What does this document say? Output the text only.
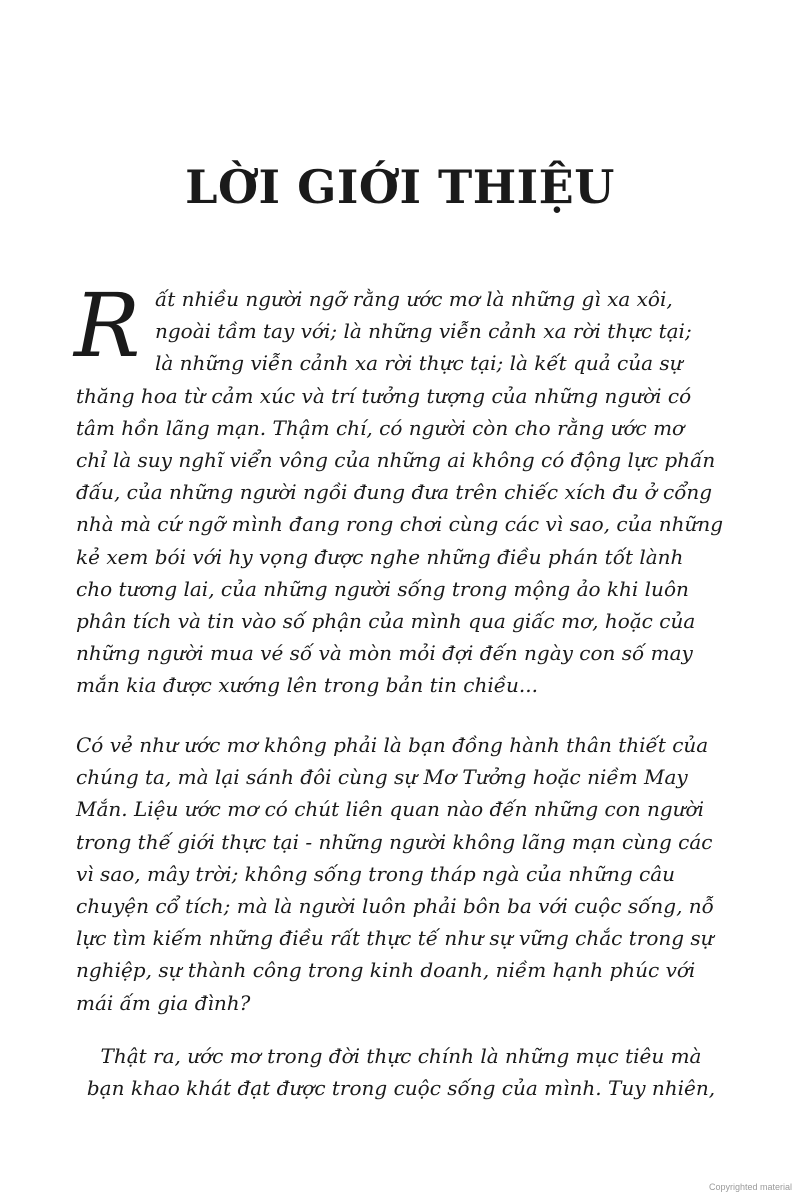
LỜI GIỚI THIỆU
R ất nhiều người ngỡ rằng ước mơ là những gì xa xôi,
ngoài tầm tay với; là những viễn cảnh xa rời thực tại;
là những viễn cảnh xa rời thực tại; là kết quả của sự
thăng hoa từ cảm xúc và trí tưởng tượng của những người có
tâm hồn lãng mạn. Thậm chí, có người còn cho rằng ước mơ
chỉ là suy nghĩ viển vông của những ai không có động lực phấn
đấu, của những người ngồi đung đưa trên chiếc xích đu ở cổng
nhà mà cứ ngỡ mình đang rong chơi cùng các vì sao, của những
kẻ xem bói với hy vọng được nghe những điều phán tốt lành
cho tương lai, của những người sống trong mộng ảo khi luôn
phân tích và tin vào số phận của mình qua giấc mơ, hoặc của
những người mua vé số và mòn mỏi đợi đến ngày con số may
mắn kia được xướng lên trong bản tin chiều...
Có vẻ như ước mơ không phải là bạn đồng hành thân thiết của
chúng ta, mà lại sánh đôi cùng sự Mơ Tưởng hoặc niềm May
Mắn. Liệu ước mơ có chút liên quan nào đến những con người
trong thế giới thực tại - những người không lãng mạn cùng các
vì sao, mây trời; không sống trong tháp ngà của những câu
chuyện cổ tích; mà là người luôn phải bôn ba với cuộc sống, nỗ
lực tìm kiếm những điều rất thực tế như sự vững chắc trong sự
nghiệp, sự thành công trong kinh doanh, niềm hạnh phúc với
mái ấm gia đình?
Thật ra, ước mơ trong đời thực chính là những mục tiêu mà
bạn khao khát đạt được trong cuộc sống của mình. Tuy nhiên,
Copyrighted material
